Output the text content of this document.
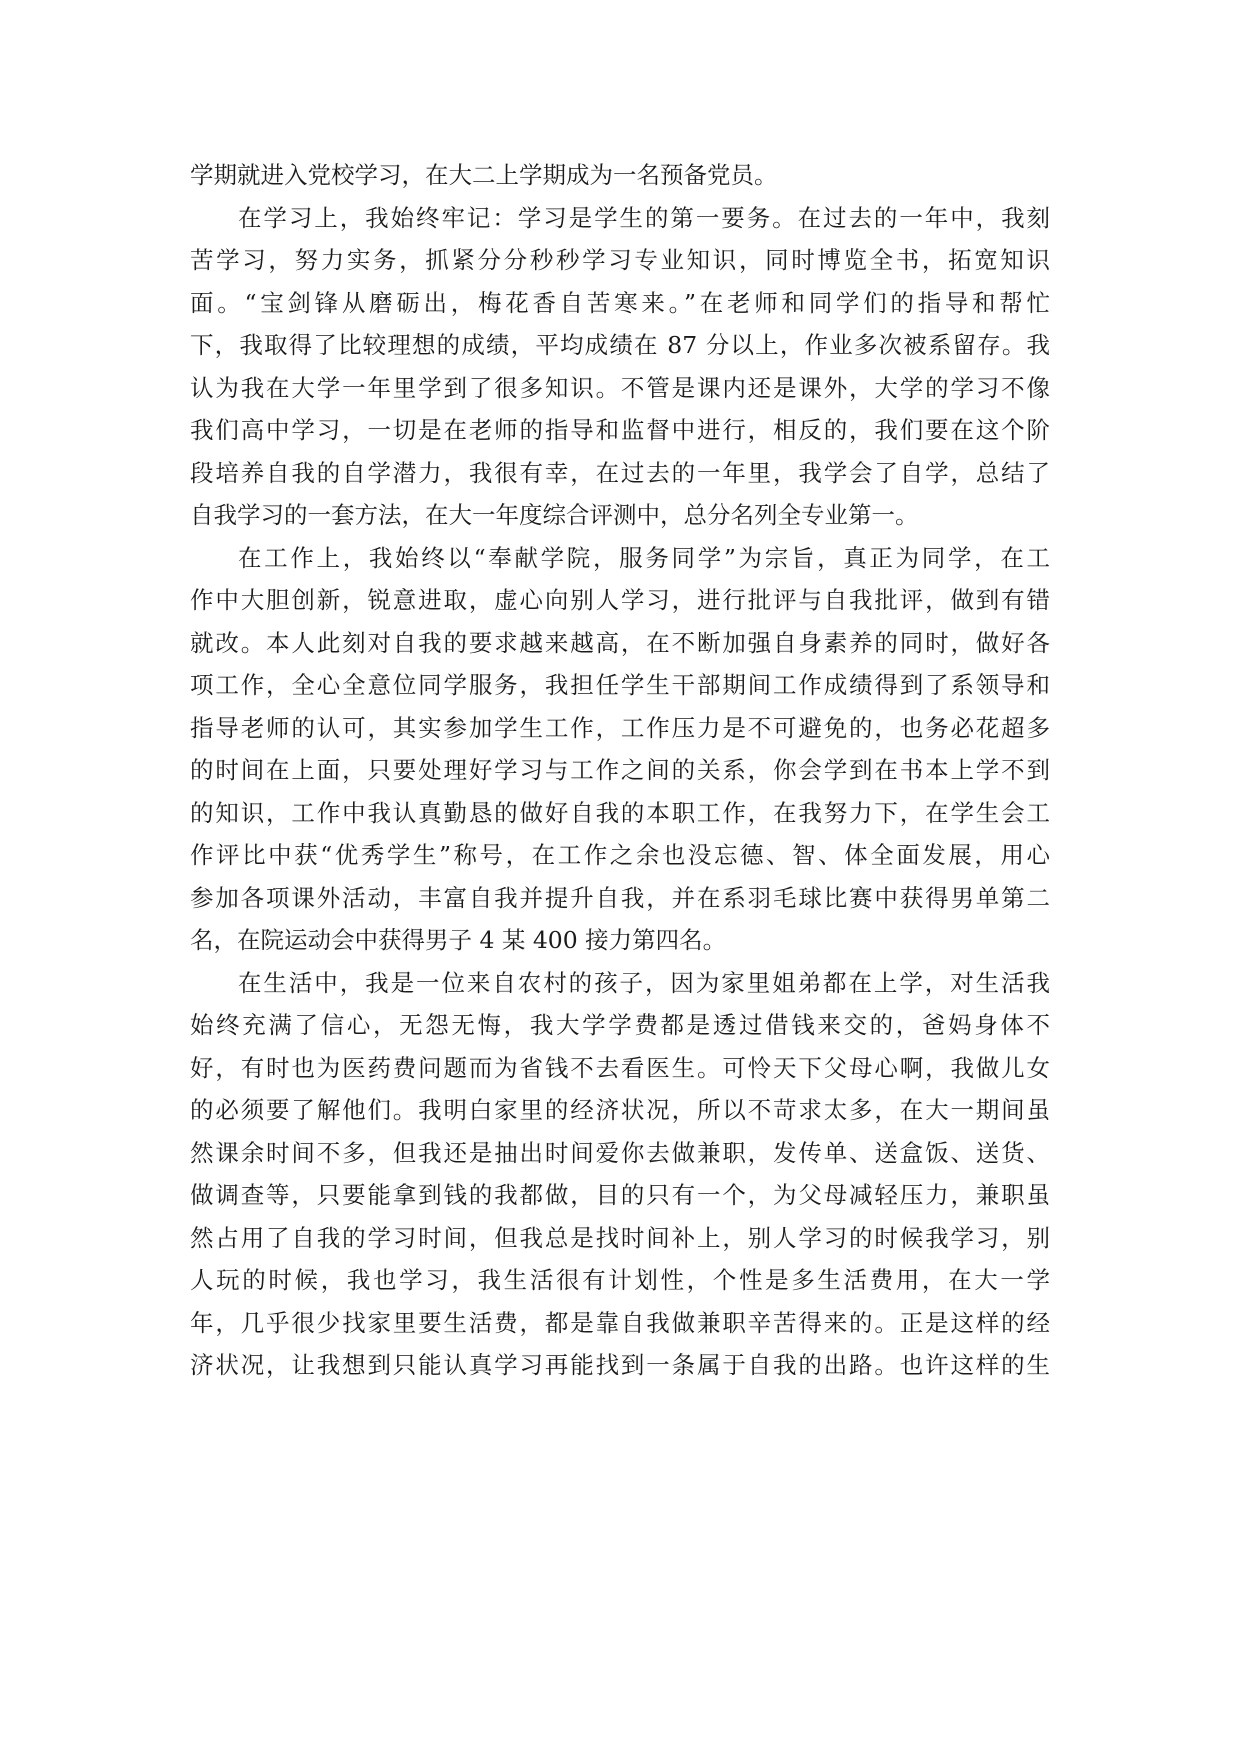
学期就进入党校学习，在大二上学期成为一名预备党员。
在学习上，我始终牢记：学习是学生的第一要务。在过去的一年中，我刻
苦学习，努力实务，抓紧分分秒秒学习专业知识，同时博览全书，拓宽知识
面。“宝剑锋从磨砺出，梅花香自苦寒来。”在老师和同学们的指导和帮忙
下，我取得了比较理想的成绩，平均成绩在 87 分以上，作业多次被系留存。我
认为我在大学一年里学到了很多知识。不管是课内还是课外，大学的学习不像
我们高中学习，一切是在老师的指导和监督中进行，相反的，我们要在这个阶
段培养自我的自学潜力，我很有幸，在过去的一年里，我学会了自学，总结了
自我学习的一套方法，在大一年度综合评测中，总分名列全专业第一。
在工作上，我始终以“奉献学院，服务同学”为宗旨，真正为同学，在工
作中大胆创新，锐意进取，虚心向别人学习，进行批评与自我批评，做到有错
就改。本人此刻对自我的要求越来越高，在不断加强自身素养的同时，做好各
项工作，全心全意位同学服务，我担任学生干部期间工作成绩得到了系领导和
指导老师的认可，其实参加学生工作，工作压力是不可避免的，也务必花超多
的时间在上面，只要处理好学习与工作之间的关系，你会学到在书本上学不到
的知识，工作中我认真勤恳的做好自我的本职工作，在我努力下，在学生会工
作评比中获“优秀学生”称号，在工作之余也没忘德、智、体全面发展，用心
参加各项课外活动，丰富自我并提升自我，并在系羽毛球比赛中获得男单第二
名，在院运动会中获得男子 4 某 400 接力第四名。
在生活中，我是一位来自农村的孩子，因为家里姐弟都在上学，对生活我
始终充满了信心，无怨无悔，我大学学费都是透过借钱来交的，爸妈身体不
好，有时也为医药费问题而为省钱不去看医生。可怜天下父母心啊，我做儿女
的必须要了解他们。我明白家里的经济状况，所以不苛求太多，在大一期间虽
然课余时间不多，但我还是抽出时间爱你去做兼职，发传单、送盒饭、送货、
做调查等，只要能拿到钱的我都做，目的只有一个，为父母减轻压力，兼职虽
然占用了自我的学习时间，但我总是找时间补上，别人学习的时候我学习，别
人玩的时候，我也学习，我生活很有计划性，个性是多生活费用，在大一学
年，几乎很少找家里要生活费，都是靠自我做兼职辛苦得来的。正是这样的经
济状况，让我想到只能认真学习再能找到一条属于自我的出路。也许这样的生
